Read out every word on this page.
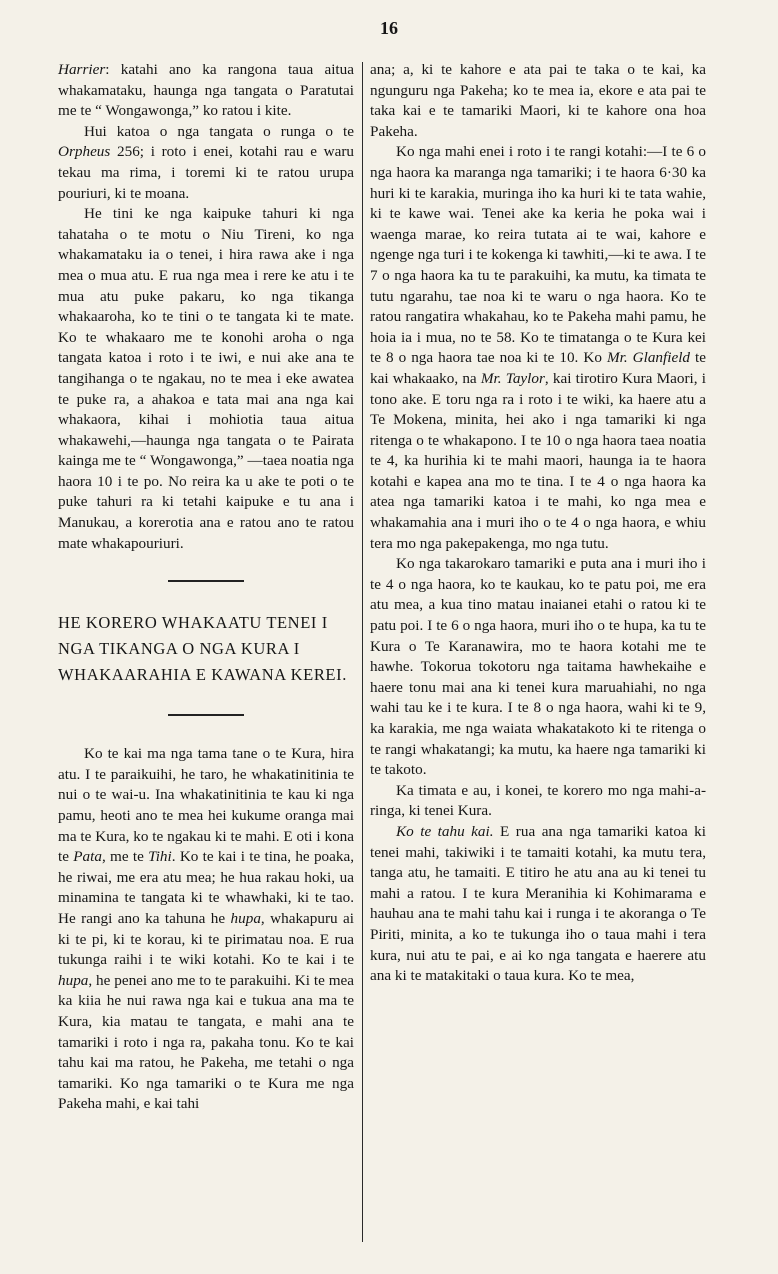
16

Harrier: katahi ano ka rangona taua aitua whakamataku, haunga nga tangata o Paratutai me te “ Wongawonga,” ko ratou i kite.

Hui katoa o nga tangata o runga o te Orpheus 256; i roto i enei, kotahi rau e waru tekau ma rima, i toremi ki te ratou urupa pouriuri, ki te moana.

He tini ke nga kaipuke tahuri ki nga tahataha o te motu o Niu Tireni, ko nga whakamataku ia o tenei, i hira rawa ake i nga mea o mua atu. E rua nga mea i rere ke atu i te mua atu puke pakaru, ko nga tikanga whakaaroha, ko te tini o te tangata ki te mate. Ko te whakaaro me te konohi aroha o nga tangata katoa i roto i te iwi, e nui ake ana te tangihanga o te ngakau, no te mea i eke awatea te puke ra, a ahakoa e tata mai ana nga kai whakaora, kihai i mohiotia taua aitua whakawehi,—haunga nga tangata o te Pairata kainga me te “ Wongawonga,” —taea noatia nga haora 10 i te po. No reira ka u ake te poti o te puke tahuri ra ki tetahi kaipuke e tu ana i Manukau, a korerotia ana e ratou ano te ratou mate whakapouriuri.

HE KORERO WHAKAATU TENEI I NGA TIKANGA O NGA KURA I WHAKAARAHIA E KAWANA KEREI.

Ko te kai ma nga tama tane o te Kura, hira atu. I te paraikuihi, he taro, he whakatinitinia te nui o te wai-u. Ina whakatinitinia te kau ki nga pamu, heoti ano te mea hei kukume oranga mai ma te Kura, ko te ngakau ki te mahi. E oti i kona te Pata, me te Tihi. Ko te kai i te tina, he poaka, he riwai, me era atu mea; he hua rakau hoki, ua minamina te tangata ki te whawhaki, ki te tao. He rangi ano ka tahuna he hupa, whakapuru ai ki te pi, ki te korau, ki te pirimatau noa. E rua tukunga raihi i te wiki kotahi. Ko te kai i te hupa, he penei ano me to te parakuihi. Ki te mea ka kiia he nui rawa nga kai e tukua ana ma te Kura, kia matau te tangata, e mahi ana te tamariki i roto i nga ra, pakaha tonu. Ko te kai tahu kai ma ratou, he Pakeha, me tetahi o nga tamariki. Ko nga tamariki o te Kura me nga Pakeha mahi, e kai tahi

ana; a, ki te kahore e ata pai te taka o te kai, ka ngunguru nga Pakeha; ko te mea ia, ekore e ata pai te taka kai e te tamariki Maori, ki te kahore ona hoa Pakeha.

Ko nga mahi enei i roto i te rangi kotahi:—I te 6 o nga haora ka maranga nga tamariki; i te haora 6·30 ka huri ki te karakia, muringa iho ka huri ki te tata wahie, ki te kawe wai. Tenei ake ka keria he poka wai i waenga marae, ko reira tutata ai te wai, kahore e ngenge nga turi i te kokenga ki tawhiti,—ki te awa. I te 7 o nga haora ka tu te parakuihi, ka mutu, ka timata te tutu ngarahu, tae noa ki te waru o nga haora. Ko te ratou rangatira whakahau, ko te Pakeha mahi pamu, he hoia ia i mua, no te 58. Ko te timatanga o te Kura kei te 8 o nga haora tae noa ki te 10. Ko Mr. Glanfield te kai whakaako, na Mr. Taylor, kai tirotiro Kura Maori, i tono ake. E toru nga ra i roto i te wiki, ka haere atu a Te Mokena, minita, hei ako i nga tamariki ki nga ritenga o te whakapono. I te 10 o nga haora taea noatia te 4, ka hurihia ki te mahi maori, haunga ia te haora kotahi e kapea ana mo te tina. I te 4 o nga haora ka atea nga tamariki katoa i te mahi, ko nga mea e whakamahia ana i muri iho o te 4 o nga haora, e whiu tera mo nga pakepakenga, mo nga tutu.

Ko nga takarokaro tamariki e puta ana i muri iho i te 4 o nga haora, ko te kaukau, ko te patu poi, me era atu mea, a kua tino matau inaianei etahi o ratou ki te patu poi. I te 6 o nga haora, muri iho o te hupa, ka tu te Kura o Te Karanawira, mo te haora kotahi me te hawhe. Tokorua tokotoru nga taitama hawhekaihe e haere tonu mai ana ki tenei kura maruahiahi, no nga wahi tau ke i te kura. I te 8 o nga haora, wahi ki te 9, ka karakia, me nga waiata whakatakoto ki te ritenga o te rangi whakatangi; ka mutu, ka haere nga tamariki ki te takoto.

Ka timata e au, i konei, te korero mo nga mahi-a-ringa, ki tenei Kura.

Ko te tahu kai. E rua ana nga tamariki katoa ki tenei mahi, takiwiki i te tamaiti kotahi, ka mutu tera, tanga atu, he tamaiti. E titiro he atu ana au ki tenei tu mahi a ratou. I te kura Meranihia ki Kohimarama e hauhau ana te mahi tahu kai i runga i te akoranga o Te Piriti, minita, a ko te tukunga iho o taua mahi i tera kura, nui atu te pai, e ai ko nga tangata e haerere atu ana ki te matakitaki o taua kura. Ko te mea,
